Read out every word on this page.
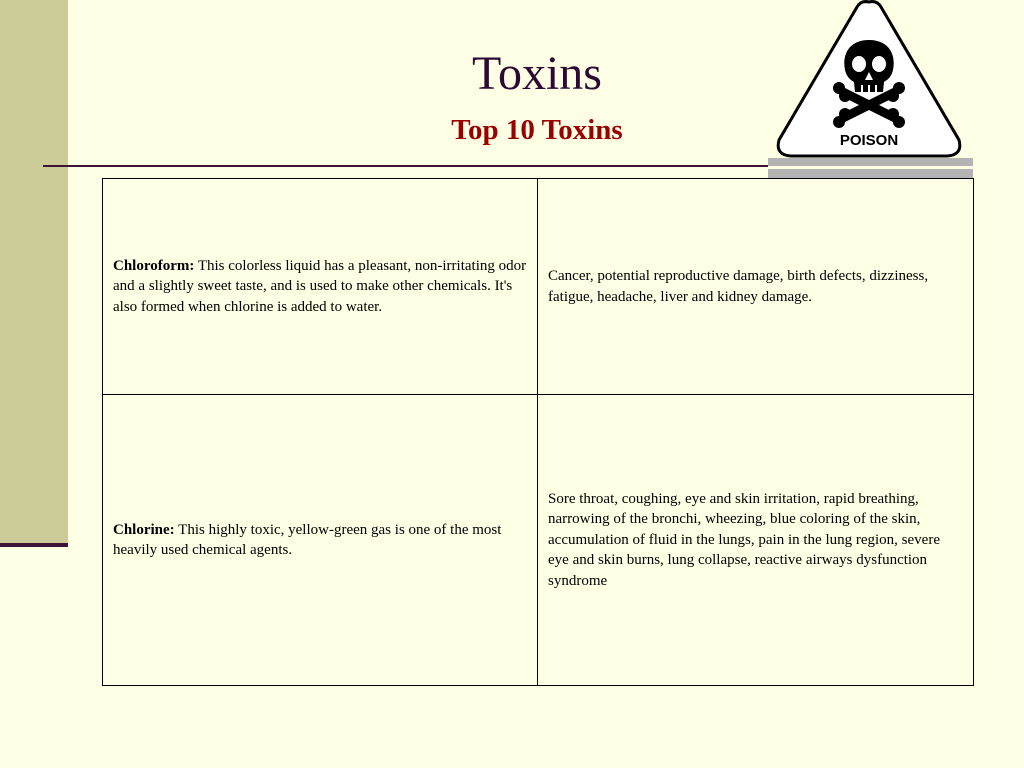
Toxins
Top 10 Toxins	POISON
Chloroform: This colorless liquid has a pleasant, non-irritating odor and a slightly sweet taste, and is used to make other chemicals. It's also formed when chlorine is added to water.	Cancer, potential reproductive damage, birth defects, dizziness, fatigue, headache, liver and kidney damage.
Chlorine: This highly toxic, yellow-green gas is one of the most heavily used chemical agents.	Sore throat, coughing, eye and skin irritation, rapid breathing, narrowing of the bronchi, wheezing, blue coloring of the skin, accumulation of fluid in the lungs, pain in the lung region, severe eye and skin burns, lung collapse, reactive airways dysfunction syndrome
